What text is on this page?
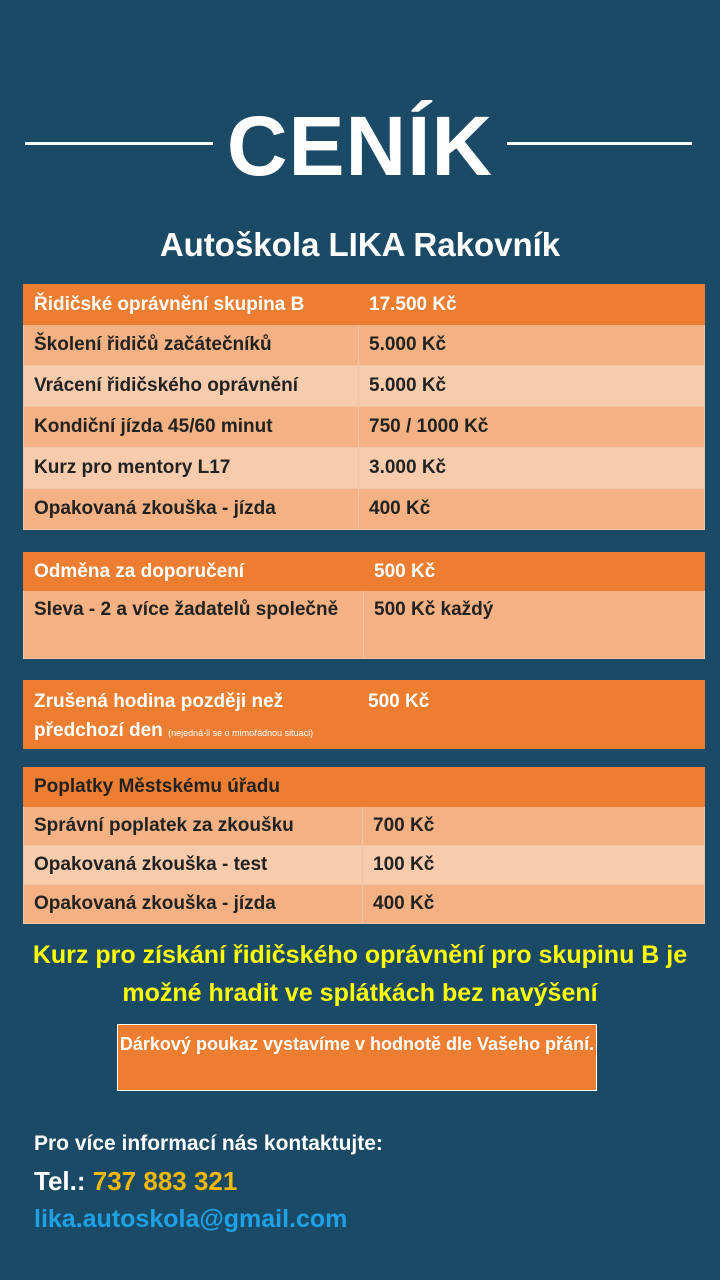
CENÍK
Autoškola LIKA Rakovník
Řidičské oprávnění skupina B	17.500 Kč
Školení řidičů začátečníků	5.000 Kč
Vrácení řidičského oprávnění	5.000 Kč
Kondiční jízda 45/60 minut	750 / 1000 Kč
Kurz pro mentory L17	3.000 Kč
Opakovaná zkouška - jízda	400 Kč
Odměna za doporučení	500 Kč
Sleva - 2 a více žadatelů společně	500 Kč každý
Zrušená hodina později než předchozí den (nejedná-li se o mimořádnou situaci)	500 Kč
Poplatky Městskému úřadu	
Správní poplatek za zkoušku	700 Kč
Opakovaná zkouška - test	100 Kč
Opakovaná zkouška - jízda	400 Kč
Kurz pro získání řidičského oprávnění pro skupinu B je možné hradit ve splátkách bez navýšení
Dárkový poukaz vystavíme v hodnotě dle Vašeho přání.
Pro více informací nás kontaktujte:
Tel.: 737 883 321
lika.autoskola@gmail.com
